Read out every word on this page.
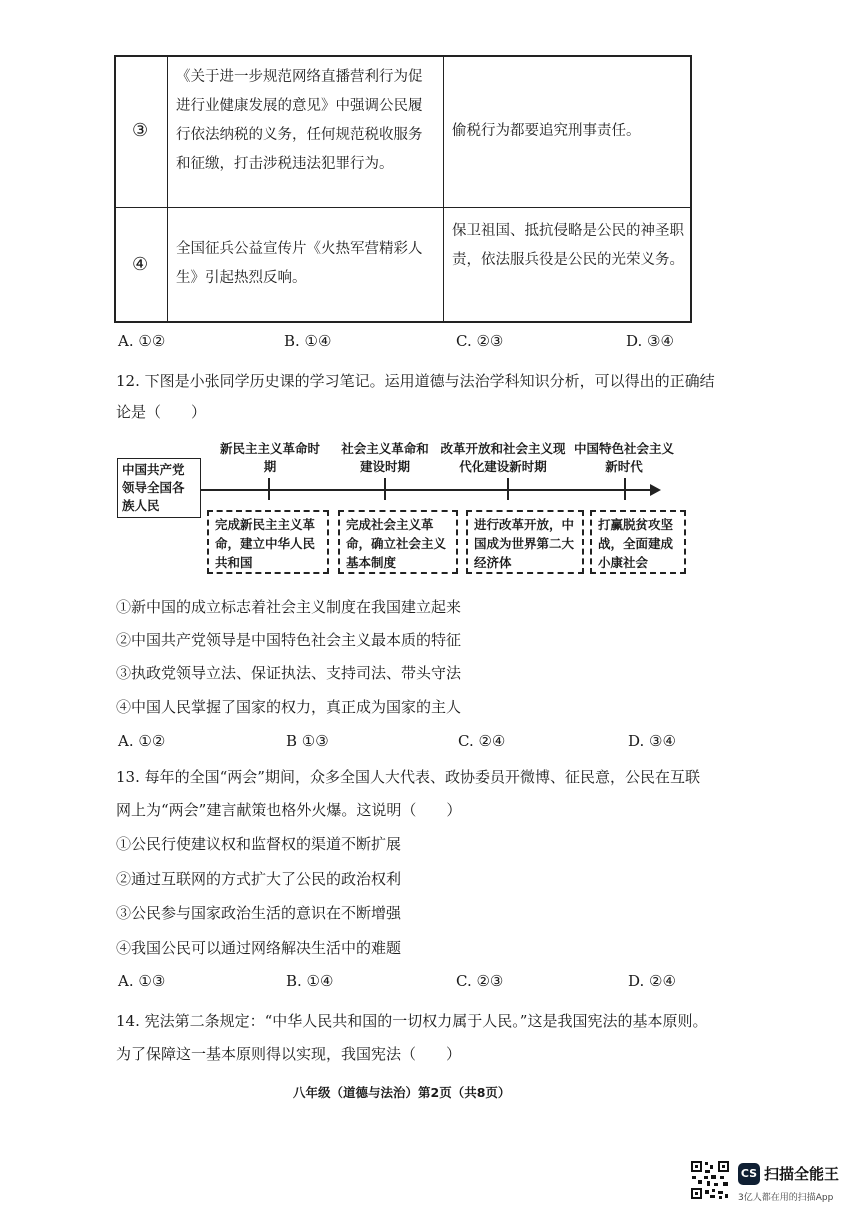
③
《关于进一步规范网络直播营利行为促进行业健康发展的意见》中强调公民履行依法纳税的义务，任何规范税收服务和征缴，打击涉税违法犯罪行为。
偷税行为都要追究刑事责任。
④
全国征兵公益宣传片《火热军营精彩人生》引起热烈反响。
保卫祖国、抵抗侵略是公民的神圣职责，依法服兵役是公民的光荣义务。
A. ①②	B. ①④	C. ②③	D. ③④
12. 下图是小张同学历史课的学习笔记。运用道德与法治学科知识分析，可以得出的正确结
论是（　　）
中国共产党领导全国各族人民
新民主主义革命时期
社会主义革命和建设时期
改革开放和社会主义现代化建设新时期
中国特色社会主义新时代
完成新民主主义革命，建立中华人民共和国
完成社会主义革命，确立社会主义基本制度
进行改革开放，中国成为世界第二大经济体
打赢脱贫攻坚战，全面建成小康社会
①新中国的成立标志着社会主义制度在我国建立起来
②中国共产党领导是中国特色社会主义最本质的特征
③执政党领导立法、保证执法、支持司法、带头守法
④中国人民掌握了国家的权力，真正成为国家的主人
A. ①②	B ①③	C. ②④	D. ③④
13. 每年的全国“两会”期间，众多全国人大代表、政协委员开微博、征民意，公民在互联
网上为“两会”建言献策也格外火爆。这说明（　　）
①公民行使建议权和监督权的渠道不断扩展
②通过互联网的方式扩大了公民的政治权利
③公民参与国家政治生活的意识在不断增强
④我国公民可以通过网络解决生活中的难题
A. ①③	B. ①④	C. ②③	D. ②④
14. 宪法第二条规定：“中华人民共和国的一切权力属于人民。”这是我国宪法的基本原则。
为了保障这一基本原则得以实现，我国宪法（　　）
八年级（道德与法治）第2页（共8页）
CS 扫描全能王
3亿人都在用的扫描App
